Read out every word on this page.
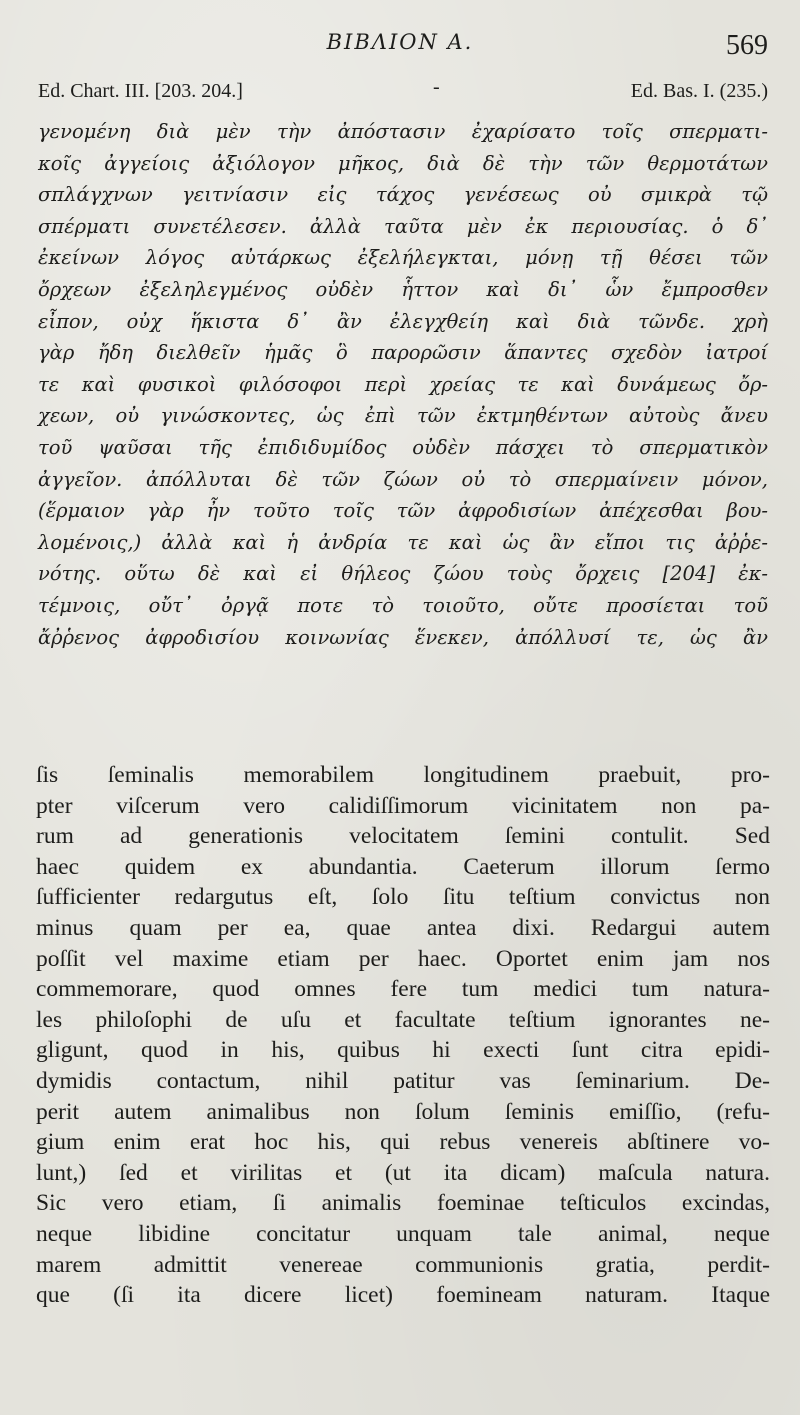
BIBΛΙΟΝ Α.	569
Ed. Chart. III. [203. 204.]	-	Ed. Bas. I. (235.)
γενομένη διὰ μὲν τὴν ἀπόστασιν ἐχαρίσατο τοῖς σπερματι-
κοῖς ἀγγείοις ἀξιόλογον μῆκος, διὰ δὲ τὴν τῶν θερμοτάτων
σπλάγχνων γειτνίασιν εἰς τάχος γενέσεως οὐ σμικρὰ τῷ
σπέρματι συνετέλεσεν. ἀλλὰ ταῦτα μὲν ἐκ περιουσίας. ὁ δ᾽
ἐκείνων λόγος αὐτάρκως ἐξελήλεγκται, μόνῃ τῇ θέσει τῶν
ὄρχεων ἐξεληλεγμένος οὐδὲν ἧττον καὶ δι᾽ ὧν ἔμπροσθεν
εἶπον, οὐχ ἥκιστα δ᾽ ἂν ἐλεγχθείη καὶ διὰ τῶνδε. χρὴ
γὰρ ἤδη διελθεῖν ἡμᾶς ὃ παρορῶσιν ἅπαντες σχεδὸν ἰατροί
τε καὶ φυσικοὶ φιλόσοφοι περὶ χρείας τε καὶ δυνάμεως ὄρ-
χεων, οὐ γινώσκοντες, ὡς ἐπὶ τῶν ἐκτμηθέντων αὐτοὺς ἄνευ
τοῦ ψαῦσαι τῆς ἐπιδιδυμίδος οὐδὲν πάσχει τὸ σπερματικὸν
ἀγγεῖον. ἀπόλλυται δὲ τῶν ζώων οὐ τὸ σπερμαίνειν μόνον,
(ἕρμαιον γὰρ ἦν τοῦτο τοῖς τῶν ἀφροδισίων ἀπέχεσθαι βου-
λομένοις,) ἀλλὰ καὶ ἡ ἀνδρία τε καὶ ὡς ἂν εἴποι τις ἀῤῥε-
νότης. οὕτω δὲ καὶ εἰ θήλεος ζώου τοὺς ὄρχεις [204] ἐκ-
τέμνοις, οὔτ᾽ ὀργᾷ ποτε τὸ τοιοῦτο, οὔτε προσίεται τοῦ
ἄῤῥενος ἀφροδισίου κοινωνίας ἕνεκεν, ἀπόλλυσί τε, ὡς ἂν
ſis ſeminalis memorabilem longitudinem praebuit, pro-
pter viſcerum vero calidiſſimorum vicinitatem non pa-
rum ad generationis velocitatem ſemini contulit. Sed
haec quidem ex abundantia. Caeterum illorum ſermo
ſufficienter redargutus eſt, ſolo ſitu teſtium convictus non
minus quam per ea, quae antea dixi. Redargui autem
poſſit vel maxime etiam per haec. Oportet enim jam nos
commemorare, quod omnes fere tum medici tum natura-
les philoſophi de uſu et facultate teſtium ignorantes ne-
gligunt, quod in his, quibus hi execti ſunt citra epidi-
dymidis contactum, nihil patitur vas ſeminarium. De-
perit autem animalibus non ſolum ſeminis emiſſio, (refu-
gium enim erat hoc his, qui rebus venereis abſtinere vo-
lunt,) ſed et virilitas et (ut ita dicam) maſcula natura.
Sic vero etiam, ſi animalis foeminae teſticulos excindas,
neque libidine concitatur unquam tale animal, neque
marem admittit venereae communionis gratia, perdit-
que (ſi ita dicere licet) foemineam naturam. Itaque
